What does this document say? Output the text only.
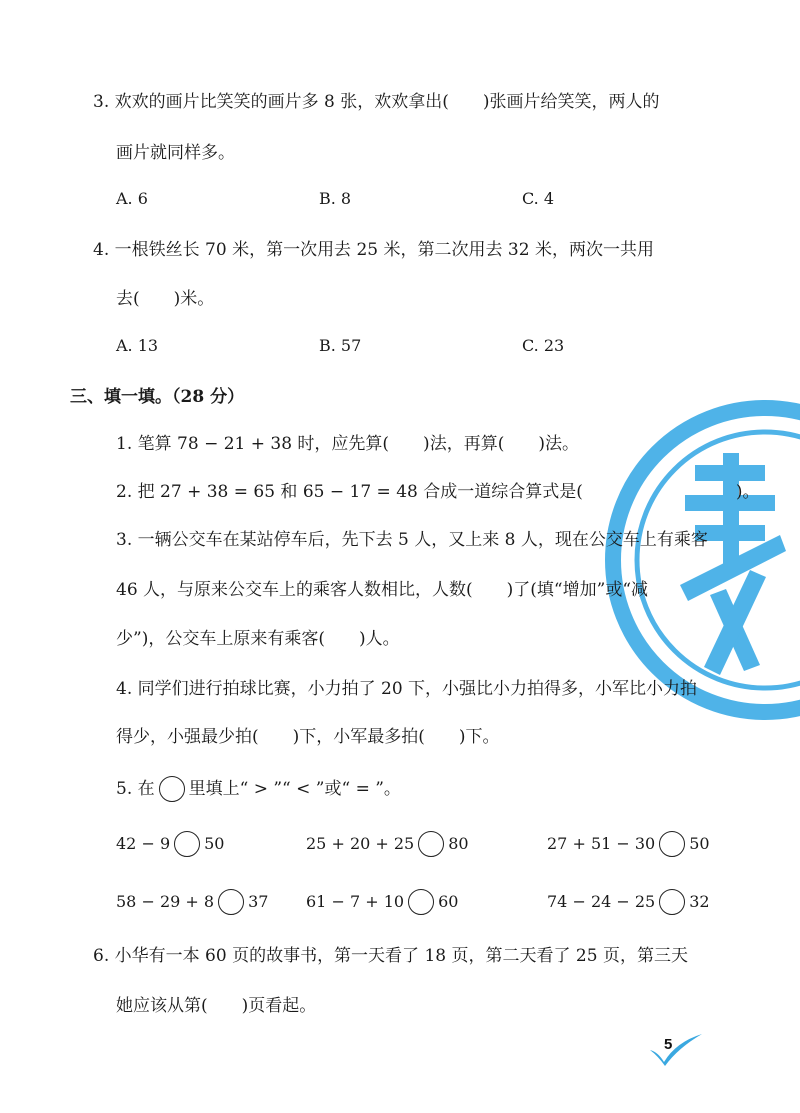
3. 欢欢的画片比笑笑的画片多 8 张，欢欢拿出(　　)张画片给笑笑，两人的
画片就同样多。
A. 6	B. 8	C. 4
4. 一根铁丝长 70 米，第一次用去 25 米，第二次用去 32 米，两次一共用
去(　　)米。
A. 13	B. 57	C. 23
三、填一填。（28 分）
1. 笔算 78 − 21 + 38 时，应先算(　　)法，再算(　　)法。
2. 把 27 + 38 = 65 和 65 − 17 = 48 合成一道综合算式是(　　　　　　　　　)。
3. 一辆公交车在某站停车后，先下去 5 人，又上来 8 人，现在公交车上有乘客
46 人，与原来公交车上的乘客人数相比，人数(　　)了(填“增加”或“减
少”)，公交车上原来有乘客(　　)人。
4. 同学们进行拍球比赛，小力拍了 20 下，小强比小力拍得多，小军比小力拍
得少，小强最少拍(　　)下，小军最多拍(　　)下。
5. 在 里填上“ > ”“ < ”或“ = ”。
42 − 9 50	25 + 20 + 25 80	27 + 51 − 30 50
58 − 29 + 8 37 61 − 7 + 10 60	74 − 24 − 25 32
6. 小华有一本 60 页的故事书，第一天看了 18 页，第二天看了 25 页，第三天
她应该从第(　　)页看起。
5
